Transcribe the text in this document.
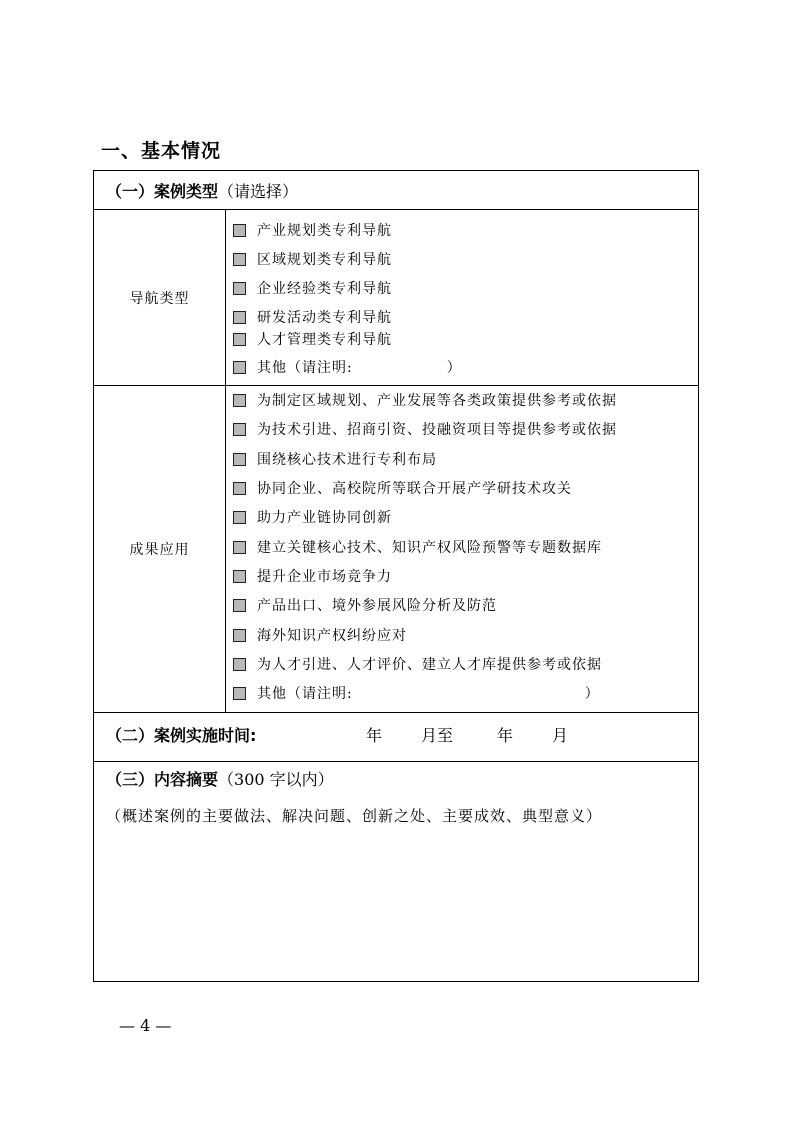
一、基本情况
（一）案例类型 （请选择）
导航类型
产业规划类专利导航
区域规划类专利导航
企业经验类专利导航
研发活动类专利导航
人才管理类专利导航
其他（请注明:	）
成果应用
为制定区域规划、产业发展等各类政策提供参考或依据
为技术引进、招商引资、投融资项目等提供参考或依据
围绕核心技术进行专利布局
协同企业、高校院所等联合开展产学研技术攻关
助力产业链协同创新
建立关键核心技术、知识产权风险预警等专题数据库
提升企业市场竞争力
产品出口、境外参展风险分析及防范
海外知识产权纠纷应对
为人才引进、人才评价、建立人才库提供参考或依据
其他（请注明:	）
（二）案例实施时间:	年 月至	年 月
（三）内容摘要 （300 字以内）
（概述案例的主要做法、解决问题、创新之处、主要成效、典型意义）
— 4 —
